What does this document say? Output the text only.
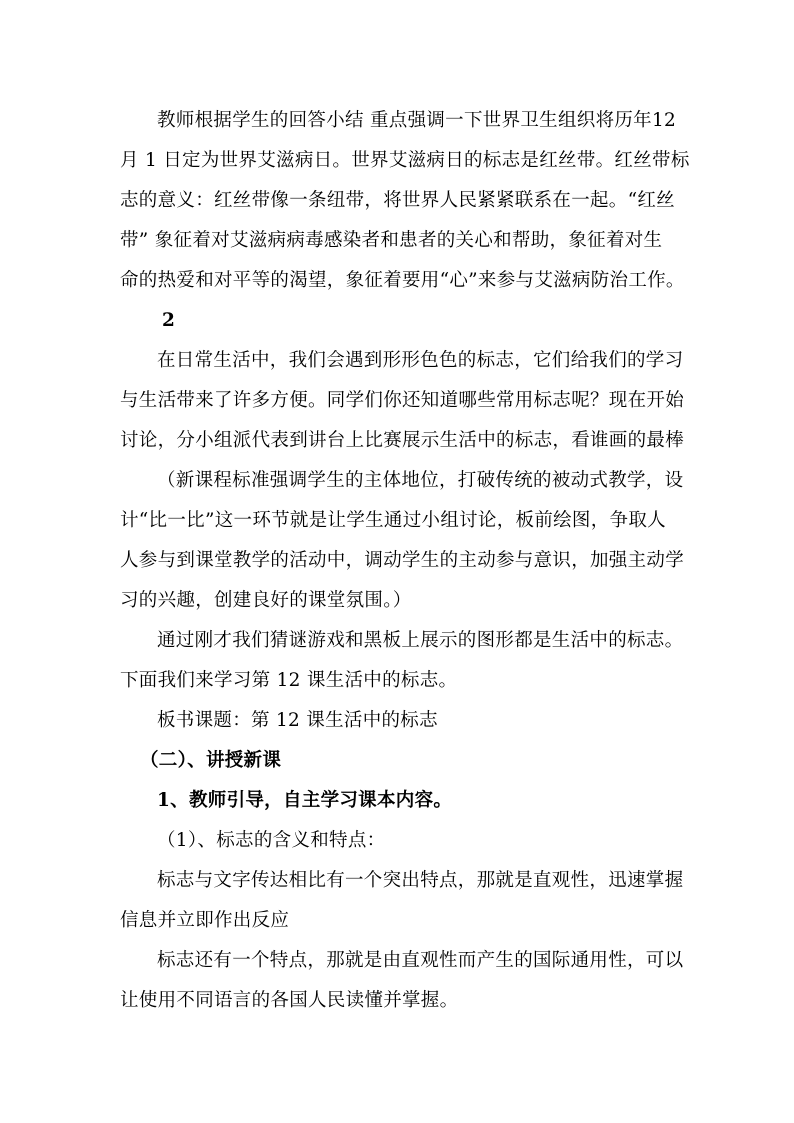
教师根据学生的回答小结 重点强调一下世界卫生组织将历年12
月 1 日定为世界艾滋病日。世界艾滋病日的标志是红丝带。红丝带标
志的意义：红丝带像一条纽带，将世界人民紧紧联系在一起。“红丝
带” 象征着对艾滋病病毒感染者和患者的关心和帮助，象征着对生
命的热爱和对平等的渴望，象征着要用“心”来参与艾滋病防治工作。
2
在日常生活中，我们会遇到形形色色的标志，它们给我们的学习
与生活带来了许多方便。同学们你还知道哪些常用标志呢？现在开始
讨论，分小组派代表到讲台上比赛展示生活中的标志，看谁画的最棒
（新课程标准强调学生的主体地位，打破传统的被动式教学，设
计“比一比”这一环节就是让学生通过小组讨论，板前绘图，争取人
人参与到课堂教学的活动中，调动学生的主动参与意识，加强主动学
习的兴趣，创建良好的课堂氛围。）
通过刚才我们猜谜游戏和黑板上展示的图形都是生活中的标志。
下面我们来学习第 12 课生活中的标志。
板书课题：第 12 课生活中的标志
（二）、讲授新课
1、教师引导，自主学习课本内容。
（1）、标志的含义和特点：
标志与文字传达相比有一个突出特点，那就是直观性，迅速掌握
信息并立即作出反应
标志还有一个特点，那就是由直观性而产生的国际通用性，可以
让使用不同语言的各国人民读懂并掌握。
